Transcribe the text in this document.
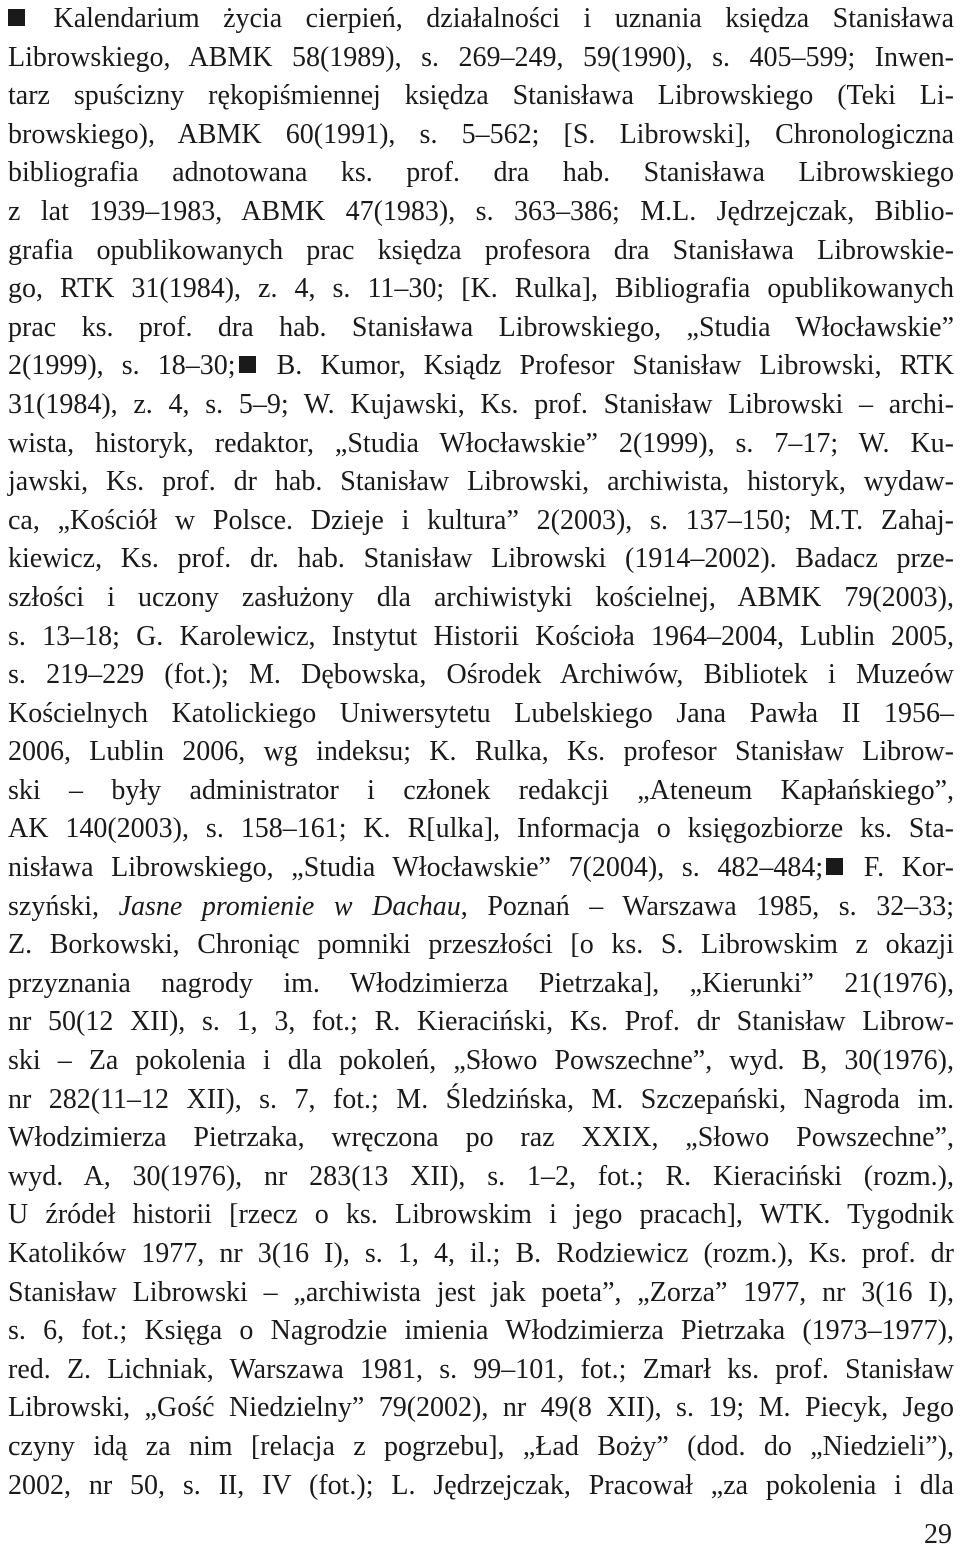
Kalendarium życia cierpień, działalności i uznania księdza Stanisława
Librowskiego, ABMK 58(1989), s. 269–249, 59(1990), s. 405–599; Inwen-
tarz spuścizny rękopiśmiennej księdza Stanisława Librowskiego (Teki Li-
browskiego), ABMK 60(1991), s. 5–562; [S. Librowski], Chronologiczna
bibliografia adnotowana ks. prof. dra hab. Stanisława Librowskiego
z lat 1939–1983, ABMK 47(1983), s. 363–386; M.L. Jędrzejczak, Biblio-
grafia opublikowanych prac księdza profesora dra Stanisława Librowskie-
go, RTK 31(1984), z. 4, s. 11–30; [K. Rulka], Bibliografia opublikowanych
prac ks. prof. dra hab. Stanisława Librowskiego, „Studia Włocławskie”
2(1999), s. 18–30; B. Kumor, Ksiądz Profesor Stanisław Librowski, RTK
31(1984), z. 4, s. 5–9; W. Kujawski, Ks. prof. Stanisław Librowski – archi-
wista, historyk, redaktor, „Studia Włocławskie” 2(1999), s. 7–17; W. Ku-
jawski, Ks. prof. dr hab. Stanisław Librowski, archiwista, historyk, wydaw-
ca, „Kościół w Polsce. Dzieje i kultura” 2(2003), s. 137–150; M.T. Zahaj-
kiewicz, Ks. prof. dr. hab. Stanisław Librowski (1914–2002). Badacz prze-
szłości i uczony zasłużony dla archiwistyki kościelnej, ABMK 79(2003),
s. 13–18; G. Karolewicz, Instytut Historii Kościoła 1964–2004, Lublin 2005,
s. 219–229 (fot.); M. Dębowska, Ośrodek Archiwów, Bibliotek i Muzeów
Kościelnych Katolickiego Uniwersytetu Lubelskiego Jana Pawła II 1956–
2006, Lublin 2006, wg indeksu; K. Rulka, Ks. profesor Stanisław Librow-
ski – były administrator i członek redakcji „Ateneum Kapłańskiego”,
AK 140(2003), s. 158–161; K. R[ulka], Informacja o księgozbiorze ks. Sta-
nisława Librowskiego, „Studia Włocławskie” 7(2004), s. 482–484; F. Kor-
szyński, Jasne promienie w Dachau, Poznań – Warszawa 1985, s. 32–33;
Z. Borkowski, Chroniąc pomniki przeszłości [o ks. S. Librowskim z okazji
przyznania nagrody im. Włodzimierza Pietrzaka], „Kierunki” 21(1976),
nr 50(12 XII), s. 1, 3, fot.; R. Kieraciński, Ks. Prof. dr Stanisław Librow-
ski – Za pokolenia i dla pokoleń, „Słowo Powszechne”, wyd. B, 30(1976),
nr 282(11–12 XII), s. 7, fot.; M. Śledzińska, M. Szczepański, Nagroda im.
Włodzimierza Pietrzaka, wręczona po raz XXIX, „Słowo Powszechne”,
wyd. A, 30(1976), nr 283(13 XII), s. 1–2, fot.; R. Kieraciński (rozm.),
U źródeł historii [rzecz o ks. Librowskim i jego pracach], WTK. Tygodnik
Katolików 1977, nr 3(16 I), s. 1, 4, il.; B. Rodziewicz (rozm.), Ks. prof. dr
Stanisław Librowski – „archiwista jest jak poeta”, „Zorza” 1977, nr 3(16 I),
s. 6, fot.; Księga o Nagrodzie imienia Włodzimierza Pietrzaka (1973–1977),
red. Z. Lichniak, Warszawa 1981, s. 99–101, fot.; Zmarł ks. prof. Stanisław
Librowski, „Gość Niedzielny” 79(2002), nr 49(8 XII), s. 19; M. Piecyk, Jego
czyny idą za nim [relacja z pogrzebu], „Ład Boży” (dod. do „Niedzieli”),
2002, nr 50, s. II, IV (fot.); L. Jędrzejczak, Pracował „za pokolenia i dla
29
